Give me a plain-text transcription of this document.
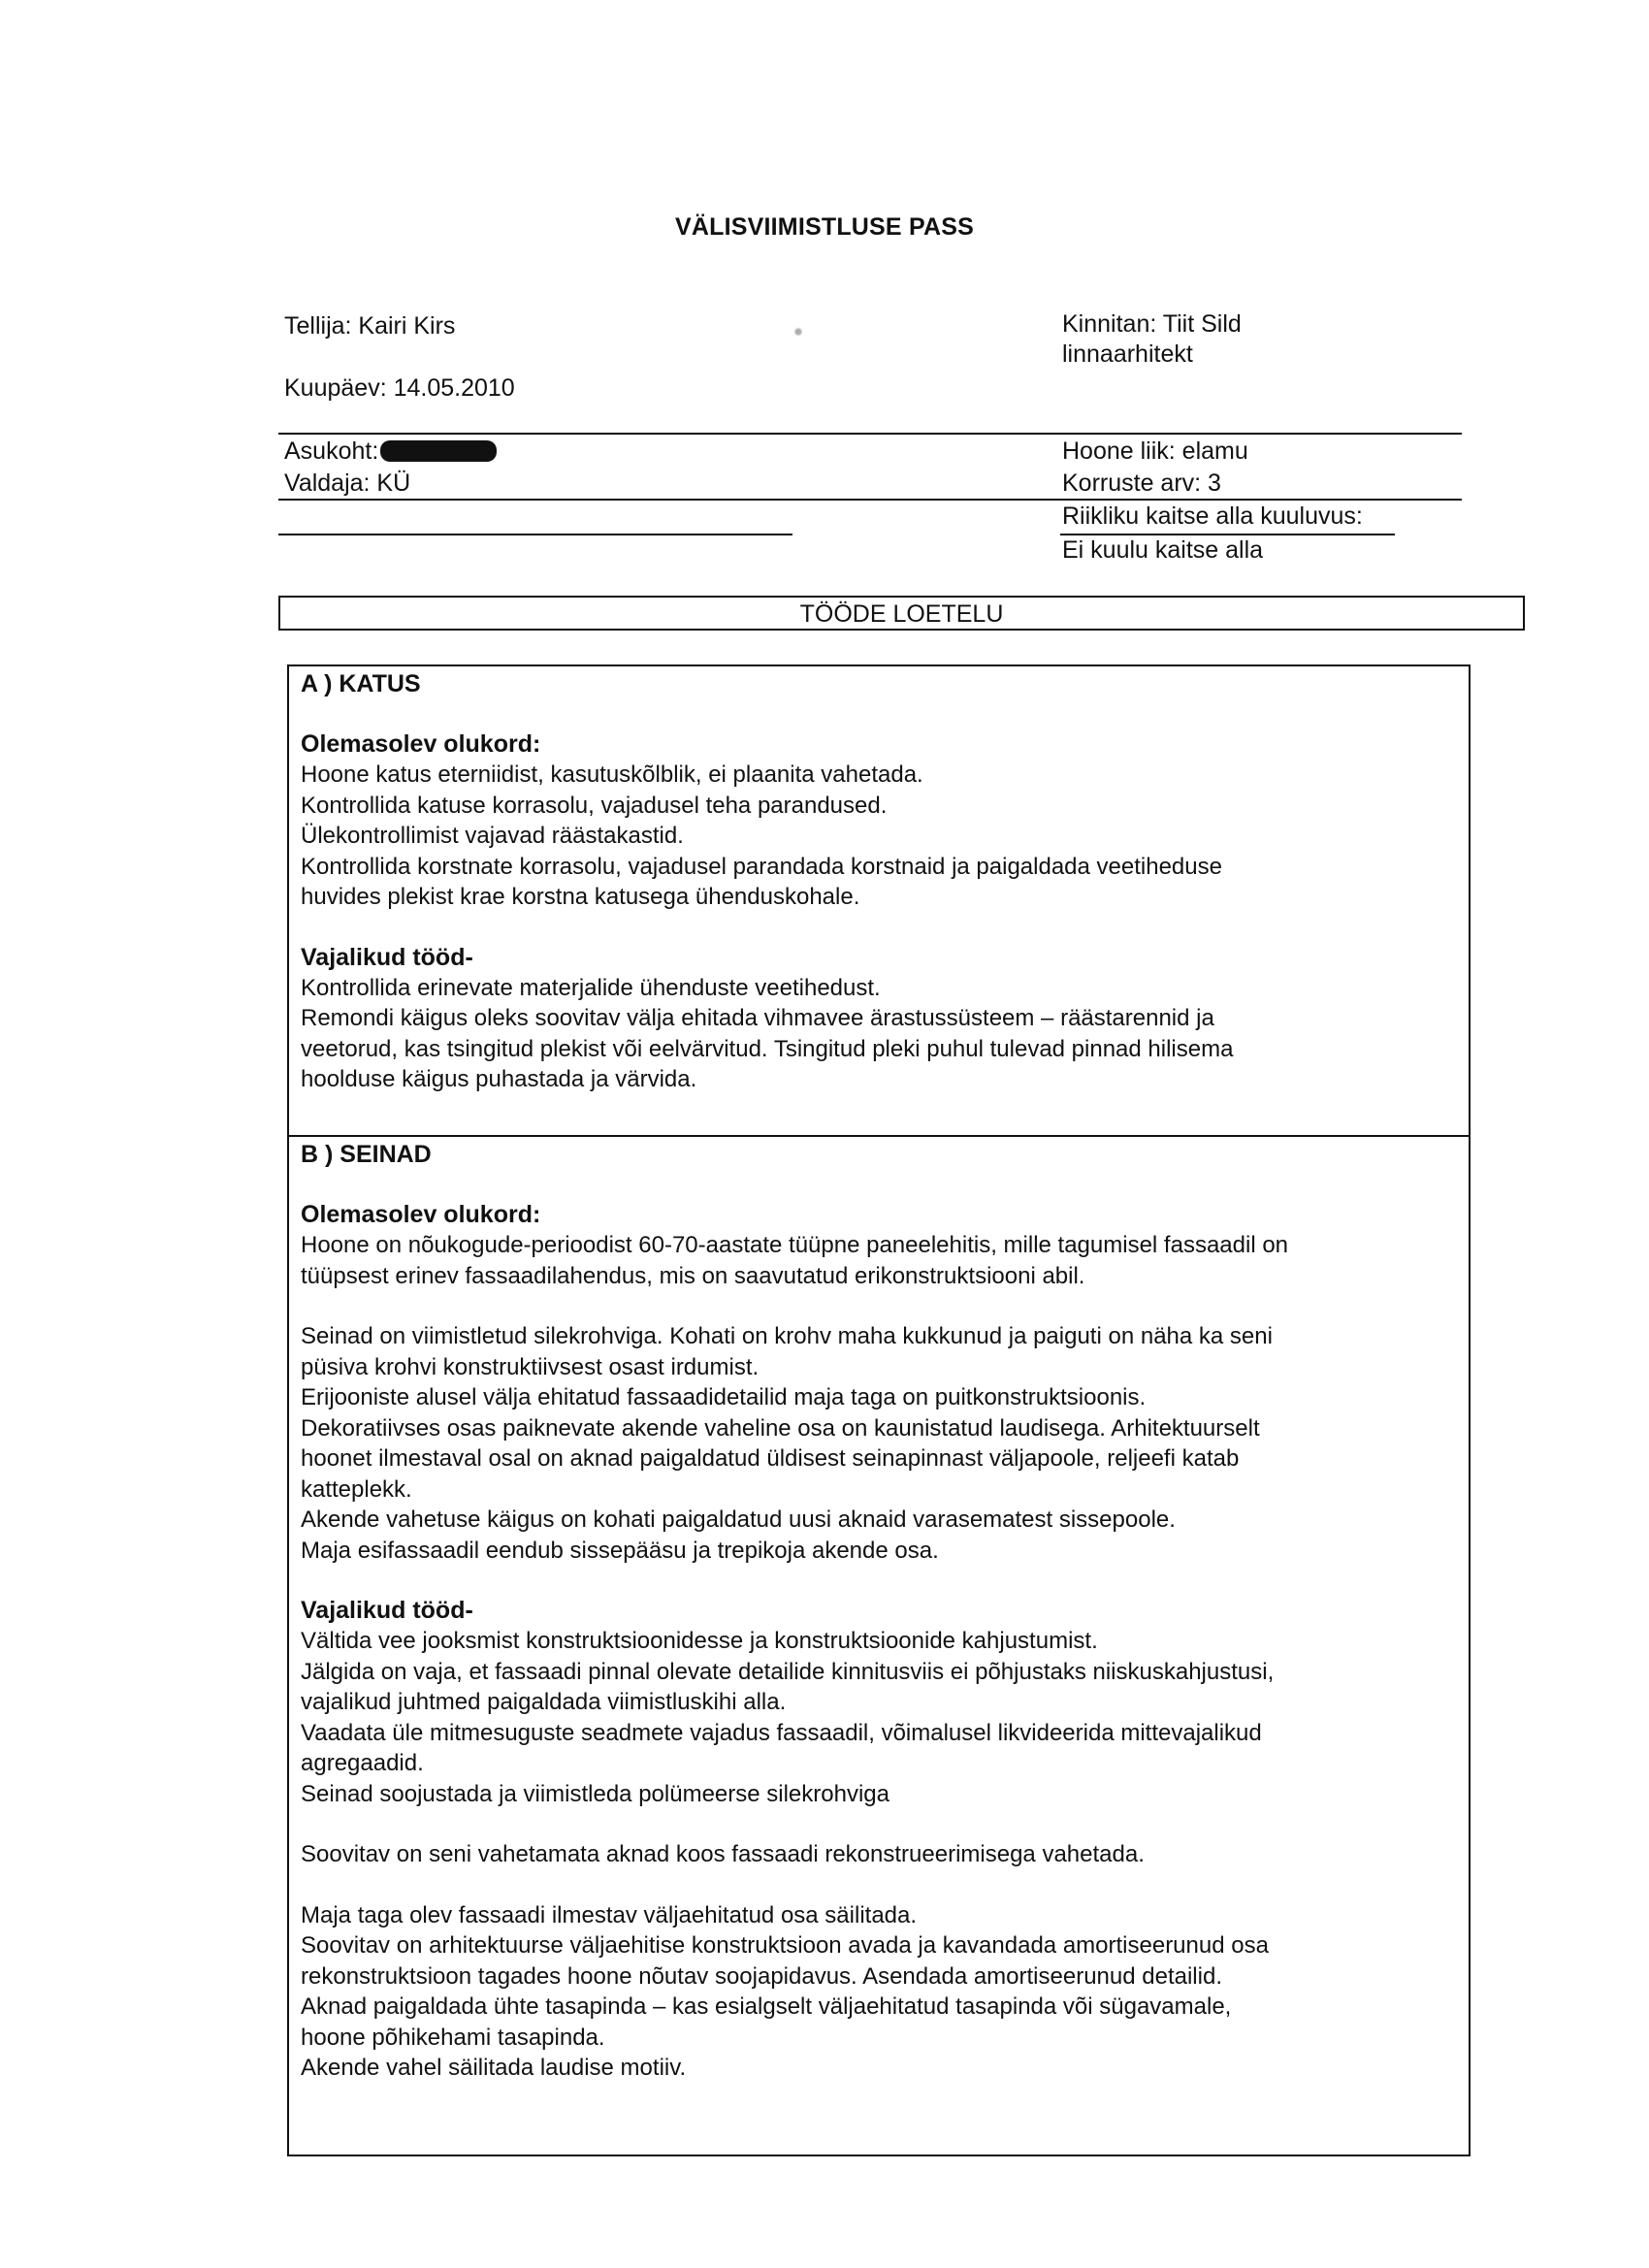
VÄLISVIIMISTLUSE PASS
Tellija: Kairi Kirs
Kuupäev: 14.05.2010
Kinnitan: Tiit Sild
linnaarhitekt
Asukoht:
Valdaja: KÜ
Hoone liik: elamu
Korruste arv: 3
Riikliku kaitse alla kuuluvus:
Ei kuulu kaitse alla
TÖÖDE LOETELU
A ) KATUS
Olemasolev olukord:
Hoone katus eterniidist, kasutuskõlblik, ei plaanita vahetada.
Kontrollida katuse korrasolu, vajadusel teha parandused.
Ülekontrollimist vajavad räästakastid.
Kontrollida korstnate korrasolu, vajadusel parandada korstnaid ja paigaldada veetiheduse
huvides plekist krae korstna katusega ühenduskohale.
Vajalikud tööd-
Kontrollida erinevate materjalide ühenduste veetihedust.
Remondi käigus oleks soovitav välja ehitada vihmavee ärastussüsteem – räästarennid ja
veetorud, kas tsingitud plekist või eelvärvitud. Tsingitud pleki puhul tulevad pinnad hilisema
hoolduse käigus puhastada ja värvida.
B ) SEINAD
Olemasolev olukord:
Hoone on nõukogude-perioodist 60-70-aastate tüüpne paneelehitis, mille tagumisel fassaadil on
tüüpsest erinev fassaadilahendus, mis on saavutatud erikonstruktsiooni abil.
Seinad on viimistletud silekrohviga. Kohati on krohv maha kukkunud ja paiguti on näha ka seni
püsiva krohvi konstruktiivsest osast irdumist.
Erijooniste alusel välja ehitatud fassaadidetailid maja taga on puitkonstruktsioonis.
Dekoratiivses osas paiknevate akende vaheline osa on kaunistatud laudisega. Arhitektuurselt
hoonet ilmestaval osal on aknad paigaldatud üldisest seinapinnast väljapoole, reljeefi katab
katteplekk.
Akende vahetuse käigus on kohati paigaldatud uusi aknaid varasematest sissepoole.
Maja esifassaadil eendub sissepääsu ja trepikoja akende osa.
Vajalikud tööd-
Vältida vee jooksmist konstruktsioonidesse ja konstruktsioonide kahjustumist.
Jälgida on vaja, et fassaadi pinnal olevate detailide kinnitusviis ei põhjustaks niiskuskahjustusi,
vajalikud juhtmed paigaldada viimistluskihi alla.
Vaadata üle mitmesuguste seadmete vajadus fassaadil, võimalusel likvideerida mittevajalikud
agregaadid.
Seinad soojustada ja viimistleda polümeerse silekrohviga
Soovitav on seni vahetamata aknad koos fassaadi rekonstrueerimisega vahetada.
Maja taga olev fassaadi ilmestav väljaehitatud osa säilitada.
Soovitav on arhitektuurse väljaehitise konstruktsioon avada ja kavandada amortiseerunud osa
rekonstruktsioon tagades hoone nõutav soojapidavus. Asendada amortiseerunud detailid.
Aknad paigaldada ühte tasapinda – kas esialgselt väljaehitatud tasapinda või sügavamale,
hoone põhikehami tasapinda.
Akende vahel säilitada laudise motiiv.
